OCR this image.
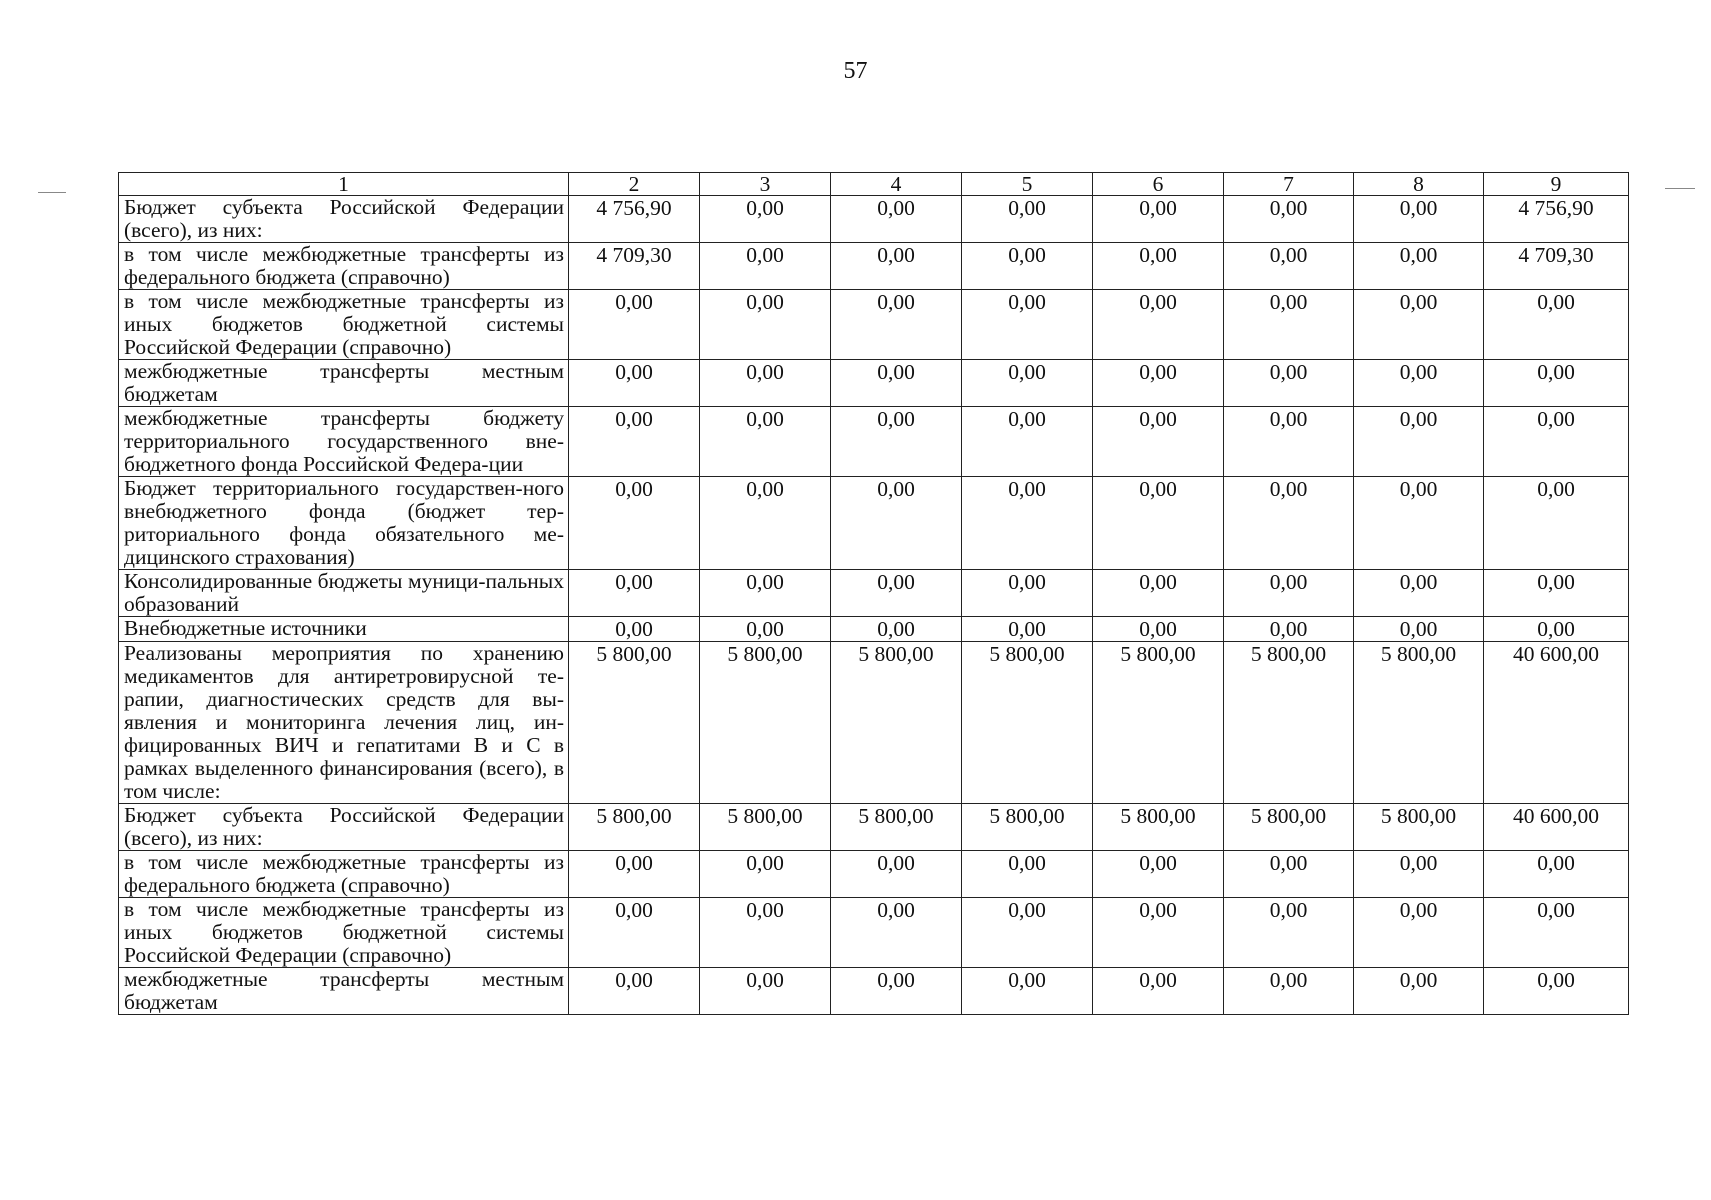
57
1	2	3	4	5	6	7	8	9
Бюджет субъекта Российской Федерации (всего), из них:	4 756,90	0,00	0,00	0,00	0,00	0,00	0,00	4 756,90
в том числе межбюджетные трансферты из федерального бюджета (справочно)	4 709,30	0,00	0,00	0,00	0,00	0,00	0,00	4 709,30
в том числе межбюджетные трансферты из иных бюджетов бюджетной системы Российской Федерации (справочно)	0,00	0,00	0,00	0,00	0,00	0,00	0,00	0,00
межбюджетные трансферты местным бюджетам	0,00	0,00	0,00	0,00	0,00	0,00	0,00	0,00
межбюджетные трансферты бюджету территориального государственного вне-бюджетного фонда Российской Федера-ции	0,00	0,00	0,00	0,00	0,00	0,00	0,00	0,00
Бюджет территориального государствен-ного внебюджетного фонда (бюджет тер-риториального фонда обязательного ме-дицинского страхования)	0,00	0,00	0,00	0,00	0,00	0,00	0,00	0,00
Консолидированные бюджеты муници-пальных образований	0,00	0,00	0,00	0,00	0,00	0,00	0,00	0,00
Внебюджетные источники	0,00	0,00	0,00	0,00	0,00	0,00	0,00	0,00
Реализованы мероприятия по хранению медикаментов для антиретровирусной те-рапии, диагностических средств для вы-явления и мониторинга лечения лиц, ин-фицированных ВИЧ и гепатитами В и С в рамках выделенного финансирования (всего), в том числе:	5 800,00	5 800,00	5 800,00	5 800,00	5 800,00	5 800,00	5 800,00	40 600,00
Бюджет субъекта Российской Федерации (всего), из них:	5 800,00	5 800,00	5 800,00	5 800,00	5 800,00	5 800,00	5 800,00	40 600,00
в том числе межбюджетные трансферты из федерального бюджета (справочно)	0,00	0,00	0,00	0,00	0,00	0,00	0,00	0,00
в том числе межбюджетные трансферты из иных бюджетов бюджетной системы Российской Федерации (справочно)	0,00	0,00	0,00	0,00	0,00	0,00	0,00	0,00
межбюджетные трансферты местным бюджетам	0,00	0,00	0,00	0,00	0,00	0,00	0,00	0,00
